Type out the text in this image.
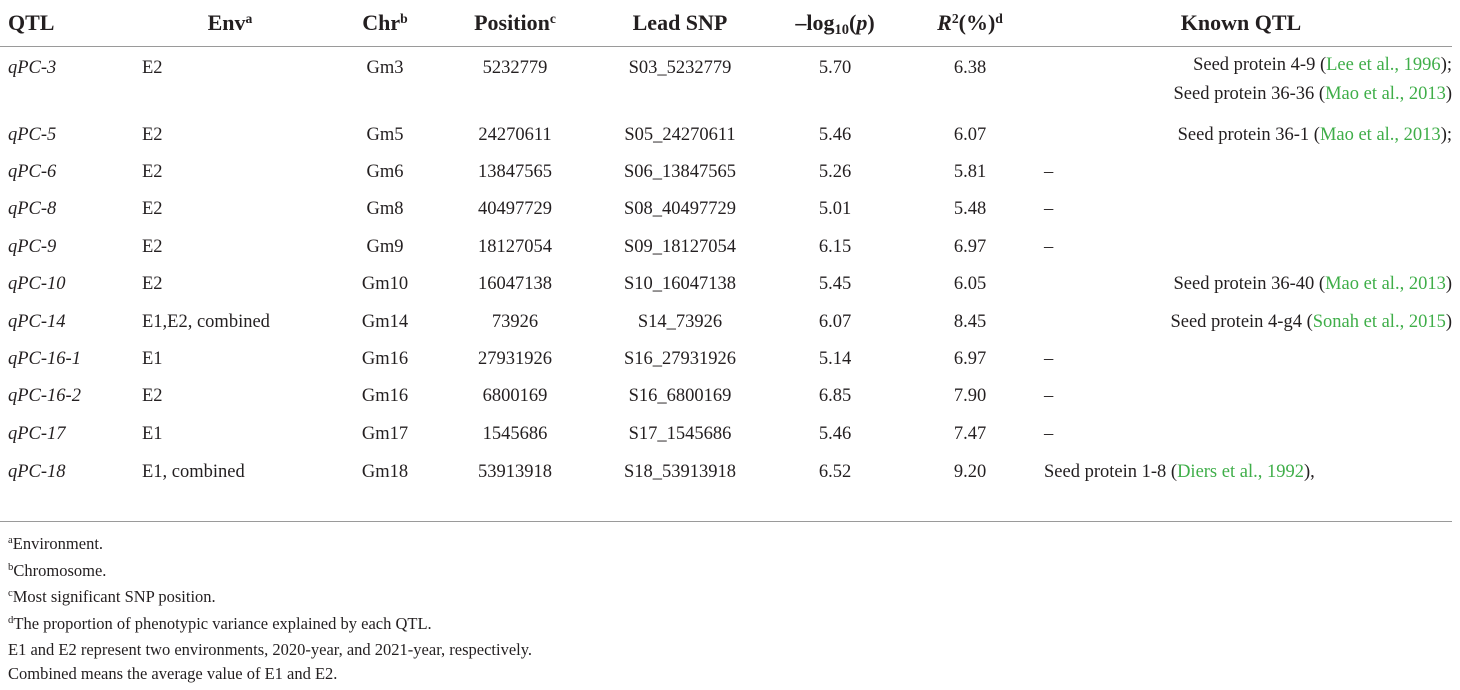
QTL	Env$^a$	Chr$^b$	Position$^c$	Lead SNP	$-\log_{10}(p)$	$R^2(\%)^d$	Known QTL
qPC-3	E2	Gm3	5232779	S03_5232779	5.70	6.38	Seed protein 4-9 (Lee et al., 1996);
Seed protein 36-36 (Mao et al., 2013)

qPC-5	E2	Gm5	24270611	S05_24270611	5.46	6.07	Seed protein 36-1 (Mao et al., 2013);
qPC-6	E2	Gm6	13847565	S06_13847565	5.26	5.81	–
qPC-8	E2	Gm8	40497729	S08_40497729	5.01	5.48	–
qPC-9	E2	Gm9	18127054	S09_18127054	6.15	6.97	–
qPC-10	E2	Gm10	16047138	S10_16047138	5.45	6.05	Seed protein 36-40 (Mao et al., 2013)
qPC-14	E1,E2, combined	Gm14	73926	S14_73926	6.07	8.45	Seed protein 4-g4 (Sonah et al., 2015)
qPC-16-1	E1	Gm16	27931926	S16_27931926	5.14	6.97	–
qPC-16-2	E2	Gm16	6800169	S16_6800169	6.85	7.90	–
qPC-17	E1	Gm17	1545686	S17_1545686	5.46	7.47	–
qPC-18	E1, combined	Gm18	53913918	S18_53913918	6.52	9.20	Seed protein 1-8 (Diers et al., 1992),
$^a$Environment.
$^b$Chromosome.
$^c$Most significant SNP position.
$^d$The proportion of phenotypic variance explained by each QTL.
E1 and E2 represent two environments, 2020-year, and 2021-year, respectively.
Combined means the average value of E1 and E2.
